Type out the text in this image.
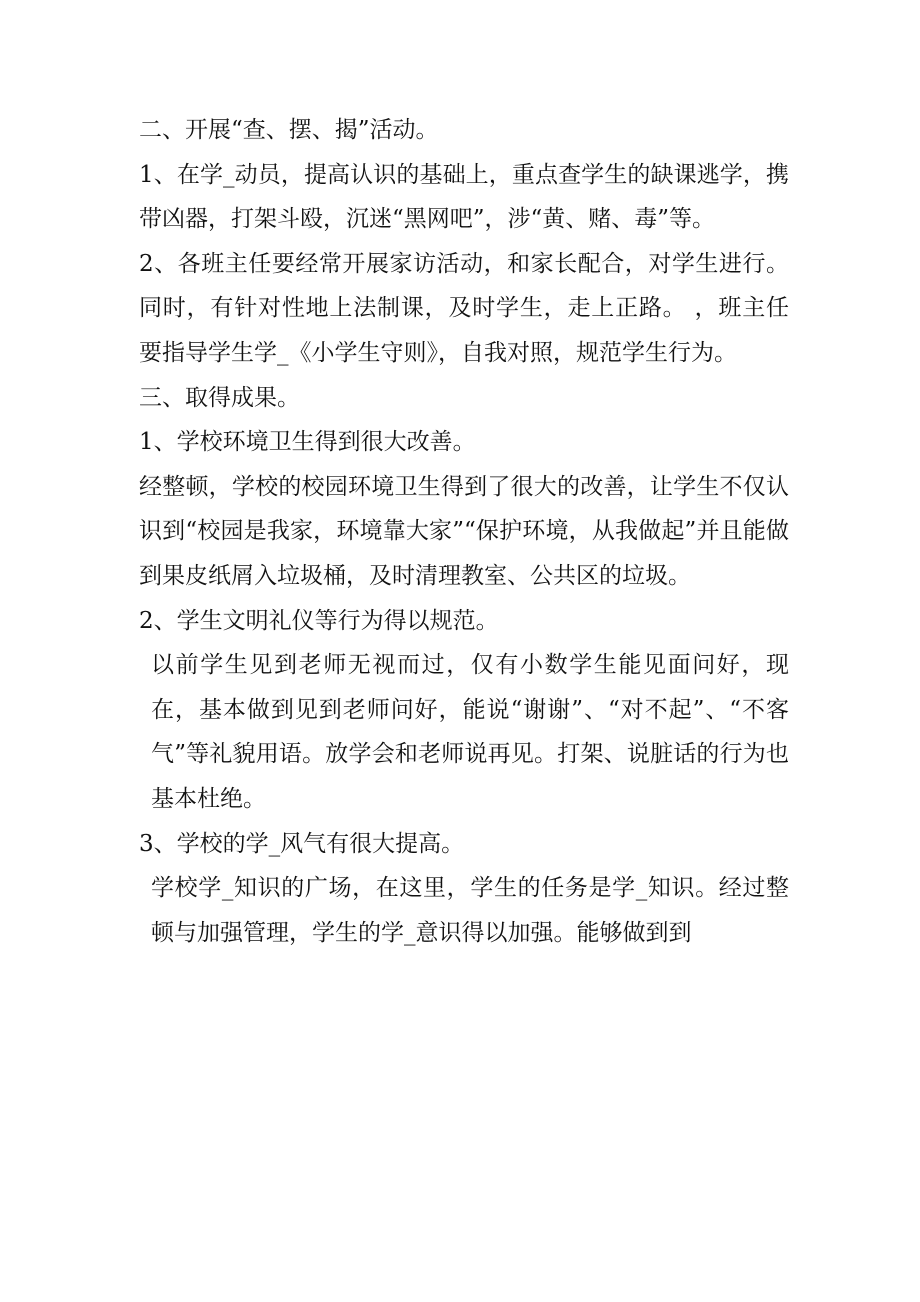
二、开展“查、摆、揭”活动。

1、在学_动员，提高认识的基础上，重点查学生的缺课逃学，携带凶器，打架斗殴，沉迷“黑网吧”，涉“黄、赌、毒”等。

2、各班主任要经常开展家访活动，和家长配合，对学生进行。同时，有针对性地上法制课，及时学生，走上正路。 ，班主任要指导学生学_《小学生守则》，自我对照，规范学生行为。

三、取得成果。

1、学校环境卫生得到很大改善。

经整顿，学校的校园环境卫生得到了很大的改善，让学生不仅认识到“校园是我家，环境靠大家”“保护环境，从我做起”并且能做到果皮纸屑入垃圾桶，及时清理教室、公共区的垃圾。

2、学生文明礼仪等行为得以规范。

以前学生见到老师无视而过，仅有小数学生能见面问好，现在，基本做到见到老师问好，能说“谢谢”、“对不起”、“不客气”等礼貌用语。放学会和老师说再见。打架、说脏话的行为也基本杜绝。

3、学校的学_风气有很大提高。

学校学_知识的广场，在这里，学生的任务是学_知识。经过整顿与加强管理，学生的学_意识得以加强。能够做到到
